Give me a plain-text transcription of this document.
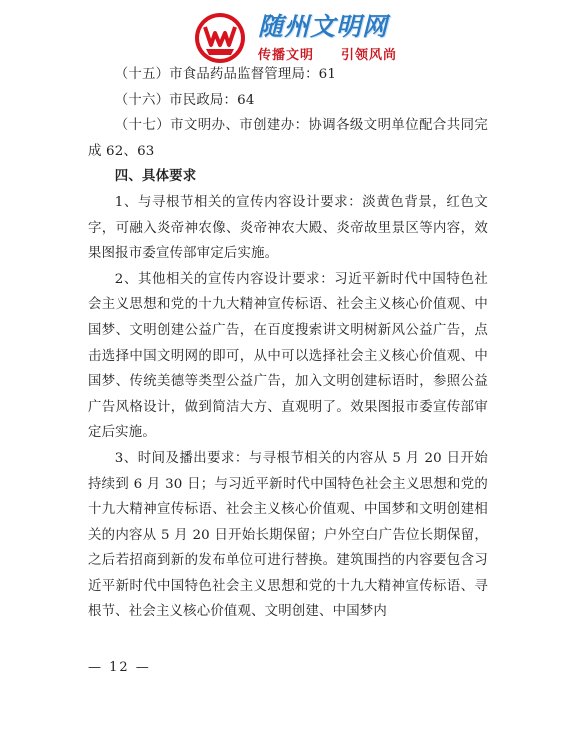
随州文明网
传播文明  引领风尚

（十五）市食品药品监督管理局：61

（十六）市民政局：64

（十七）市文明办、市创建办：协调各级文明单位配合共同完成 62、63

四、具体要求

1、与寻根节相关的宣传内容设计要求：淡黄色背景，红色文字，可融入炎帝神农像、炎帝神农大殿、炎帝故里景区等内容，效果图报市委宣传部审定后实施。

2、其他相关的宣传内容设计要求：习近平新时代中国特色社会主义思想和党的十九大精神宣传标语、社会主义核心价值观、中国梦、文明创建公益广告，在百度搜索讲文明树新风公益广告，点击选择中国文明网的即可，从中可以选择社会主义核心价值观、中国梦、传统美德等类型公益广告，加入文明创建标语时，参照公益广告风格设计，做到简洁大方、直观明了。效果图报市委宣传部审定后实施。

3、时间及播出要求：与寻根节相关的内容从 5 月 20 日开始持续到 6 月 30 日；与习近平新时代中国特色社会主义思想和党的十九大精神宣传标语、社会主义核心价值观、中国梦和文明创建相关的内容从 5 月 20 日开始长期保留；户外空白广告位长期保留，之后若招商到新的发布单位可进行替换。建筑围挡的内容要包含习近平新时代中国特色社会主义思想和党的十九大精神宣传标语、寻根节、社会主义核心价值观、文明创建、中国梦内

— 12 —
